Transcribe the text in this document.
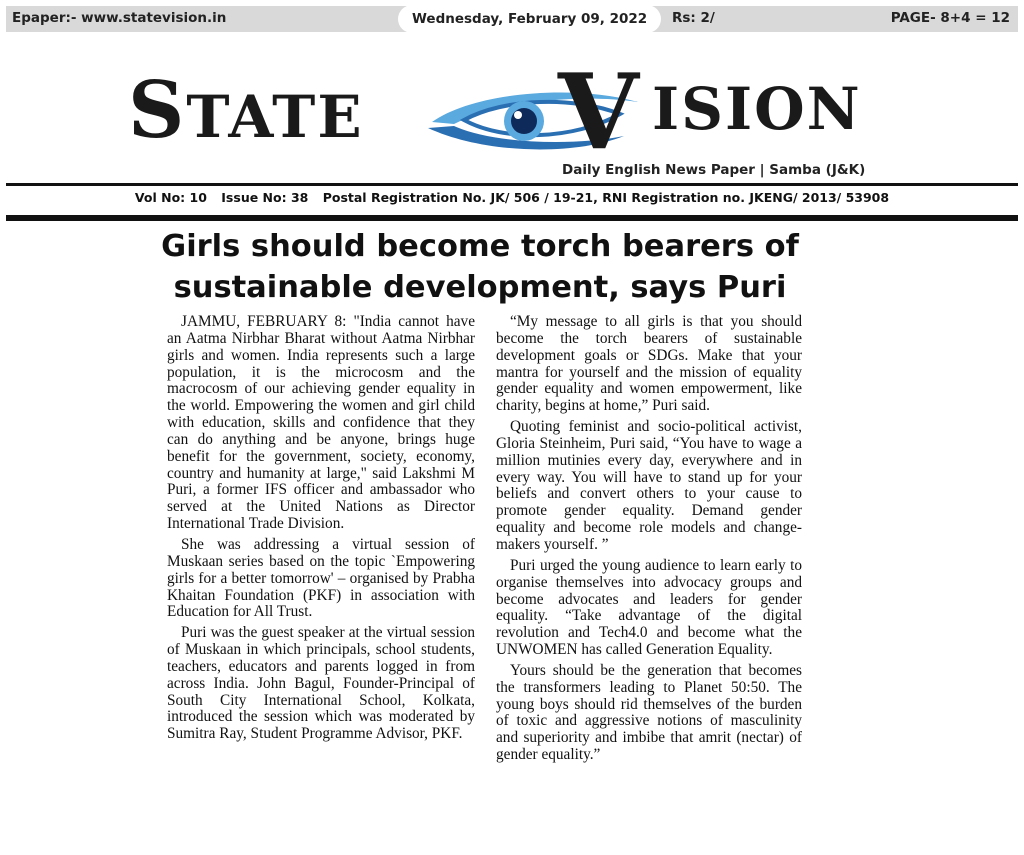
Epaper:- www.statevision.in	Wednesday, February 09, 2022	Rs: 2/	PAGE- 8+4 = 12
STATE V ISION
Daily English News Paper | Samba (J&K)
Vol No: 10 Issue No: 38 Postal Registration No. JK/ 506 / 19-21, RNI Registration no. JKENG/ 2013/ 53908
Girls should become torch bearers of
sustainable development, says Puri

JAMMU, FEBRUARY 8: "India cannot have an Aatma Nirbhar Bharat without Aatma Nirbhar girls and women. India represents such a large population, it is the microcosm and the macrocosm of our achieving gender equality in the world. Empowering the women and girl child with education, skills and confidence that they can do anything and be anyone, brings huge benefit for the government, society, economy, country and humanity at large," said Lakshmi M Puri, a former IFS officer and ambassador who served at the United Nations as Director International Trade Division.

She was addressing a virtual session of Muskaan series based on the topic `Empowering girls for a better tomorrow' – organised by Prabha Khaitan Foundation (PKF) in association with Education for All Trust.

Puri was the guest speaker at the virtual session of Muskaan in which principals, school students, teachers, educators and parents logged in from across India. John Bagul, Founder-Principal of South City International School, Kolkata, introduced the session which was moderated by Sumitra Ray, Student Programme Advisor, PKF.

“My message to all girls is that you should become the torch bearers of sustainable development goals or SDGs. Make that your mantra for yourself and the mission of equality gender equality and women empowerment, like charity, begins at home,” Puri said.

Quoting feminist and socio-political activist, Gloria Steinheim, Puri said, “You have to wage a million mutinies every day, everywhere and in every way. You will have to stand up for your beliefs and convert others to your cause to promote gender equality. Demand gender equality and become role models and change-makers yourself. ”

Puri urged the young audience to learn early to organise themselves into advocacy groups and become advocates and leaders for gender equality. “Take advantage of the digital revolution and Tech4.0 and become what the UNWOMEN has called Generation Equality.

Yours should be the generation that becomes the transformers leading to Planet 50:50. The young boys should rid themselves of the burden of toxic and aggressive notions of masculinity and superiority and imbibe that amrit (nectar) of gender equality.”
